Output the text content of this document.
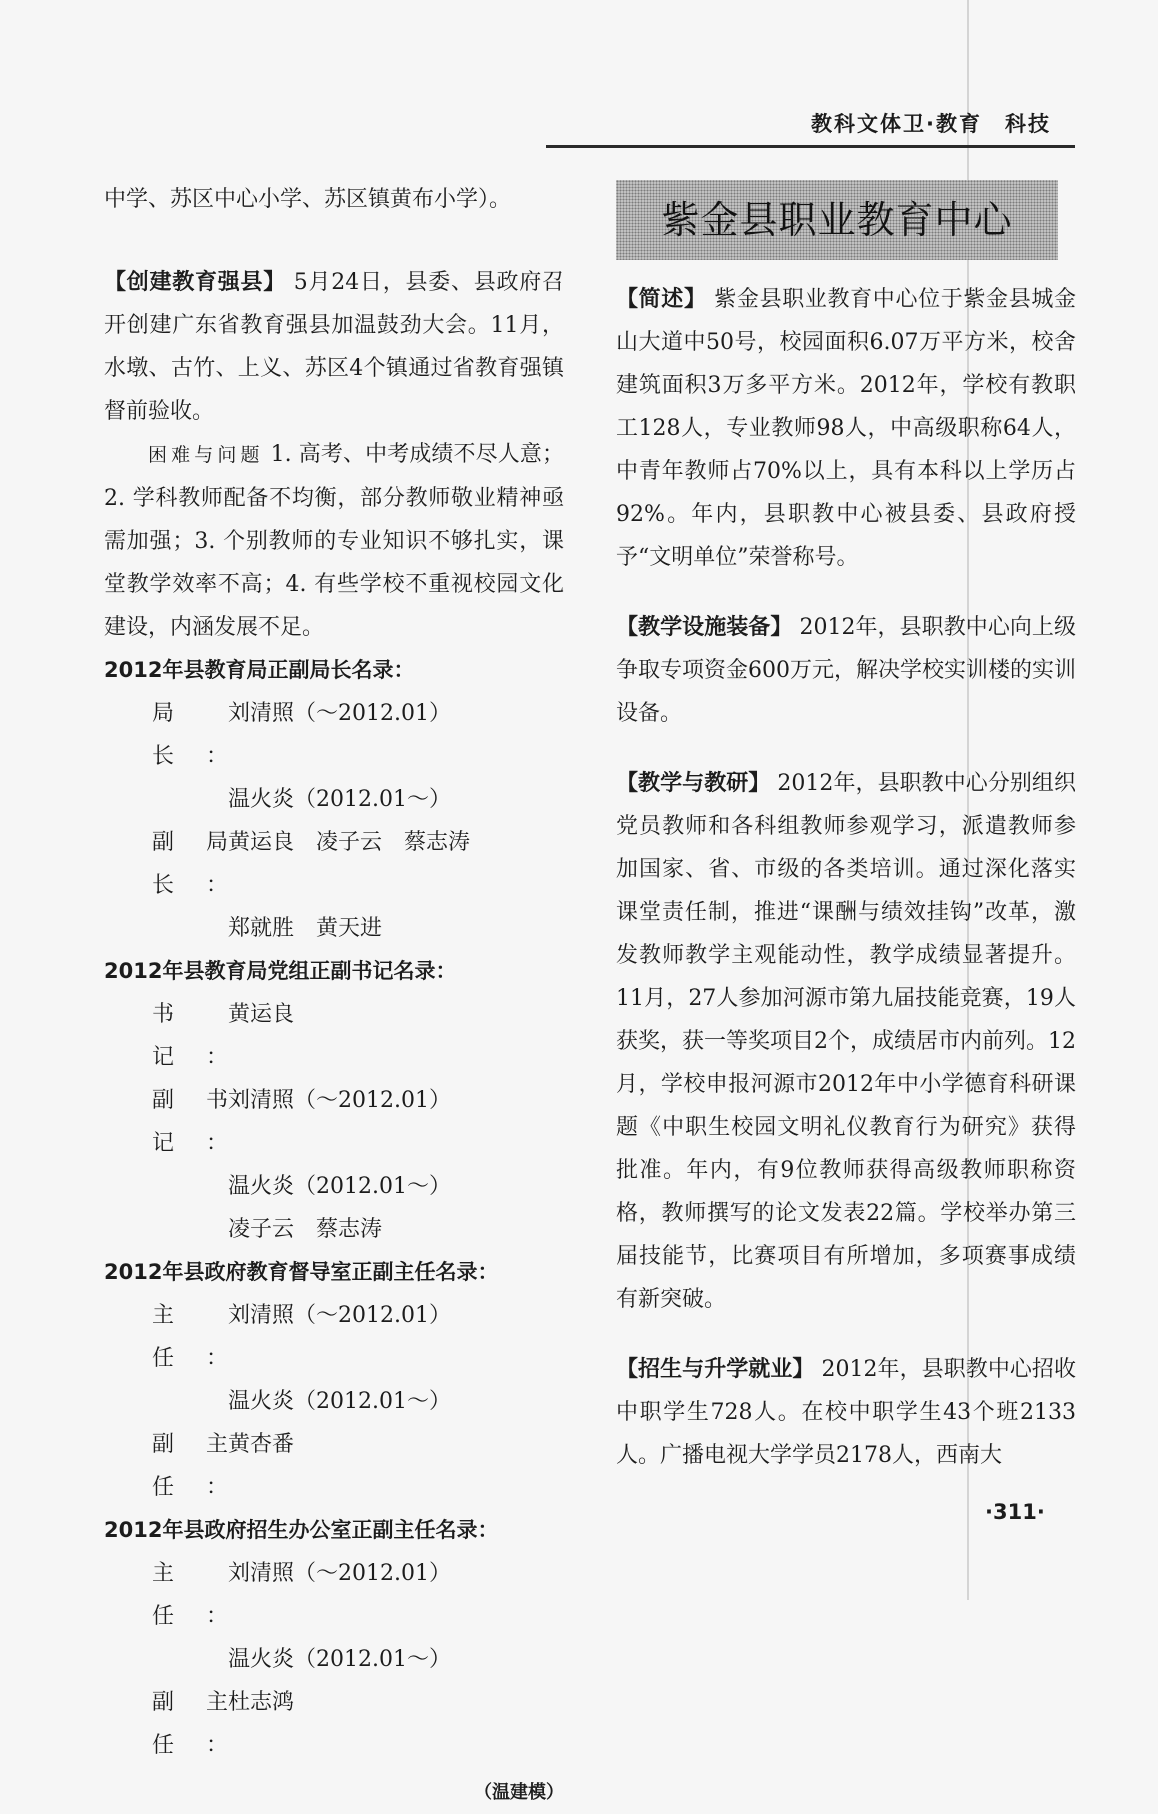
教科文体卫·教育　科技

中学、苏区中心小学、苏区镇黄布小学）。

【创建教育强县】 5月24日，县委、县政府召开创建广东省教育强县加温鼓劲大会。11月，水墩、古竹、上义、苏区4个镇通过省教育强镇督前验收。

困难与问题 1. 高考、中考成绩不尽人意；2. 学科教师配备不均衡，部分教师敬业精神亟需加强；3. 个别教师的专业知识不够扎实，课堂教学效率不高；4. 有些学校不重视校园文化建设，内涵发展不足。

2012年县教育局正副局长名录：
局　长：
刘清照（～2012.01）
温火炎（2012.01～）
副局长：
黄运良　凌子云　蔡志涛
郑就胜　黄天进
2012年县教育局党组正副书记名录：
书　记：
黄运良
副书记：
刘清照（～2012.01）
温火炎（2012.01～）
凌子云　蔡志涛
2012年县政府教育督导室正副主任名录：
主　任：
刘清照（～2012.01）
温火炎（2012.01～）
副主任：
黄杏番
2012年县政府招生办公室正副主任名录：
主　任：
刘清照（～2012.01）
温火炎（2012.01～）
副主任：
杜志鸿
（温建模）
紫金县职业教育中心

【简述】 紫金县职业教育中心位于紫金县城金山大道中50号，校园面积6.07万平方米，校舍建筑面积3万多平方米。2012年，学校有教职工128人，专业教师98人，中高级职称64人，中青年教师占70%以上，具有本科以上学历占92%。年内，县职教中心被县委、县政府授予“文明单位”荣誉称号。

【教学设施装备】 2012年，县职教中心向上级争取专项资金600万元，解决学校实训楼的实训设备。

【教学与教研】 2012年，县职教中心分别组织党员教师和各科组教师参观学习，派遣教师参加国家、省、市级的各类培训。通过深化落实课堂责任制，推进“课酬与绩效挂钩”改革，激发教师教学主观能动性，教学成绩显著提升。11月，27人参加河源市第九届技能竞赛，19人获奖，获一等奖项目2个，成绩居市内前列。12月，学校申报河源市2012年中小学德育科研课题《中职生校园文明礼仪教育行为研究》获得批准。年内，有9位教师获得高级教师职称资格，教师撰写的论文发表22篇。学校举办第三届技能节，比赛项目有所增加，多项赛事成绩有新突破。

【招生与升学就业】 2012年，县职教中心招收中职学生728人。在校中职学生43个班2133人。广播电视大学学员2178人，西南大

·311·
